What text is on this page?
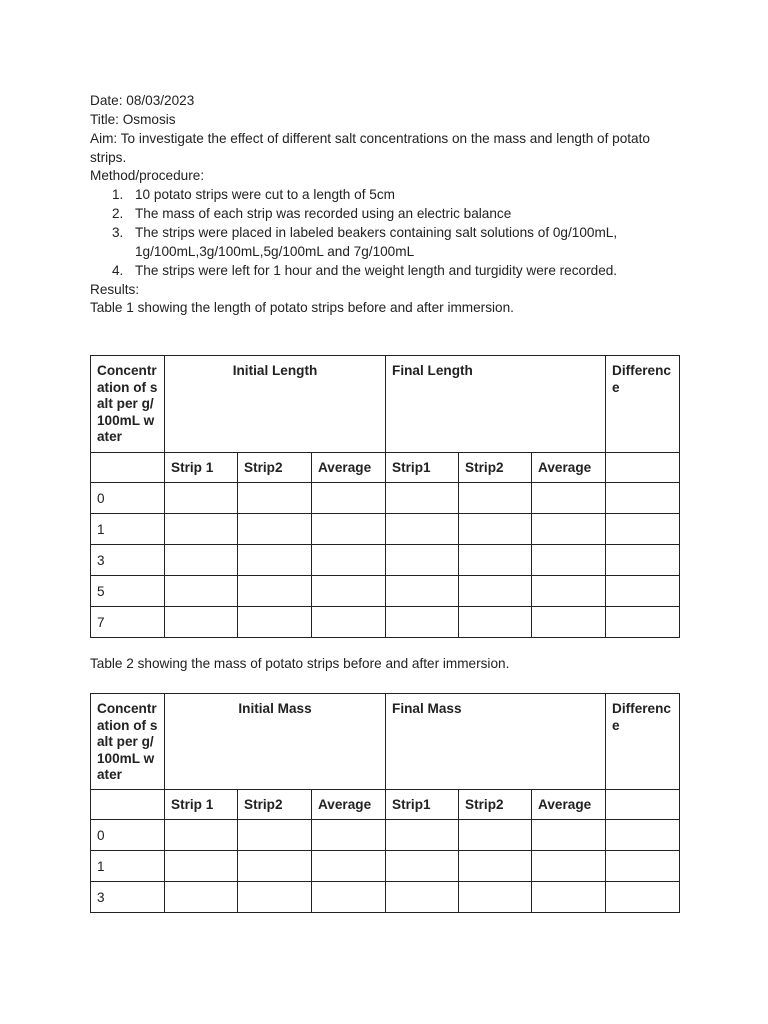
Date: 08/03/2023
Title: Osmosis
Aim: To investigate the effect of different salt concentrations on the mass and length of potato
strips.
Method/procedure:
1. 10 potato strips were cut to a length of 5cm
2. The mass of each strip was recorded using an electric balance
3. The strips were placed in labeled beakers containing salt solutions of 0g/100mL,
1g/100mL,3g/100mL,5g/100mL and 7g/100mL
4. The strips were left for 1 hour and the weight length and turgidity were recorded.
Results:
Table 1 showing the length of potato strips before and after immersion.
Concentration of salt per g/100mL water	Initial Length			Final Length			Difference
	Strip 1	Strip2	Average	Strip1	Strip2	Average	
0							
1							
3							
5							
7							
Table 2 showing the mass of potato strips before and after immersion.
Concentration of salt per g/100mL water	Initial Mass			Final Mass			Difference
	Strip 1	Strip2	Average	Strip1	Strip2	Average	
0							
1							
3							
